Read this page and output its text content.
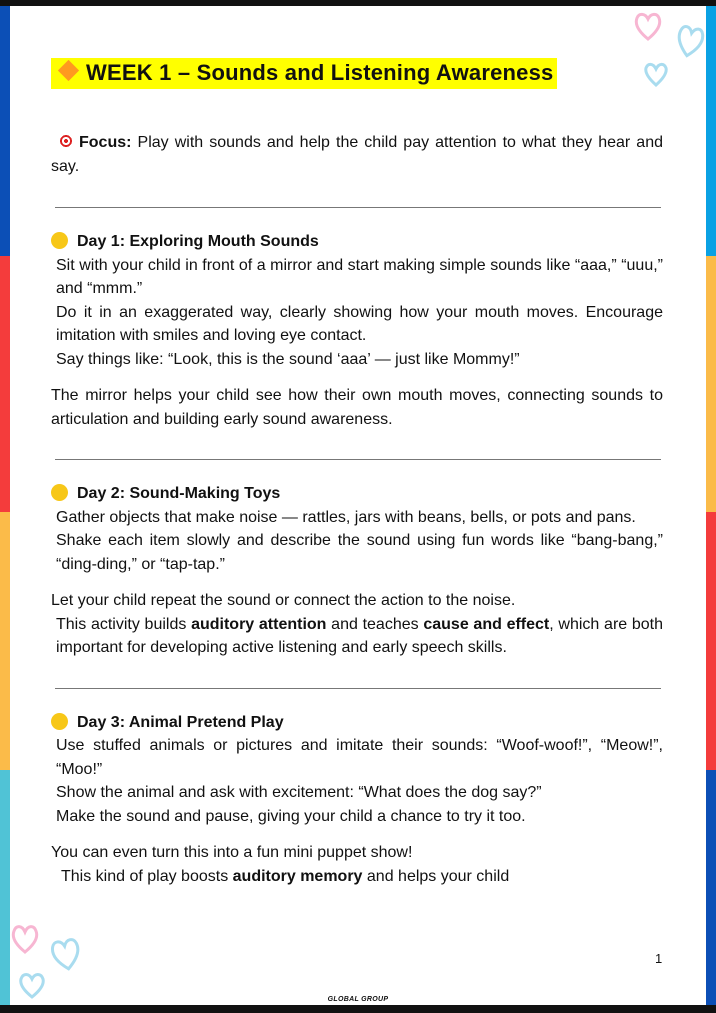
WEEK 1 – Sounds and Listening Awareness
Focus: Play with sounds and help the child pay attention to what they hear and say.
Day 1: Exploring Mouth Sounds

Sit with your child in front of a mirror and start making simple sounds like “aaa,” “uuu,” and “mmm.”

Do it in an exaggerated way, clearly showing how your mouth moves. Encourage imitation with smiles and loving eye contact.

Say things like: “Look, this is the sound ‘aaa’ — just like Mommy!”

The mirror helps your child see how their own mouth moves, connecting sounds to articulation and building early sound awareness.

Day 2: Sound-Making Toys

Gather objects that make noise — rattles, jars with beans, bells, or pots and pans.

Shake each item slowly and describe the sound using fun words like “bang-bang,” “ding-ding,” or “tap-tap.”

Let your child repeat the sound or connect the action to the noise.

This activity builds auditory attention and teaches cause and effect, which are both important for developing active listening and early speech skills.

Day 3: Animal Pretend Play

Use stuffed animals or pictures and imitate their sounds: “Woof-woof!”, “Meow!”, “Moo!”

Show the animal and ask with excitement: “What does the dog say?”

Make the sound and pause, giving your child a chance to try it too.

You can even turn this into a fun mini puppet show!

This kind of play boosts auditory memory and helps your child

1
GLOBAL GROUP
